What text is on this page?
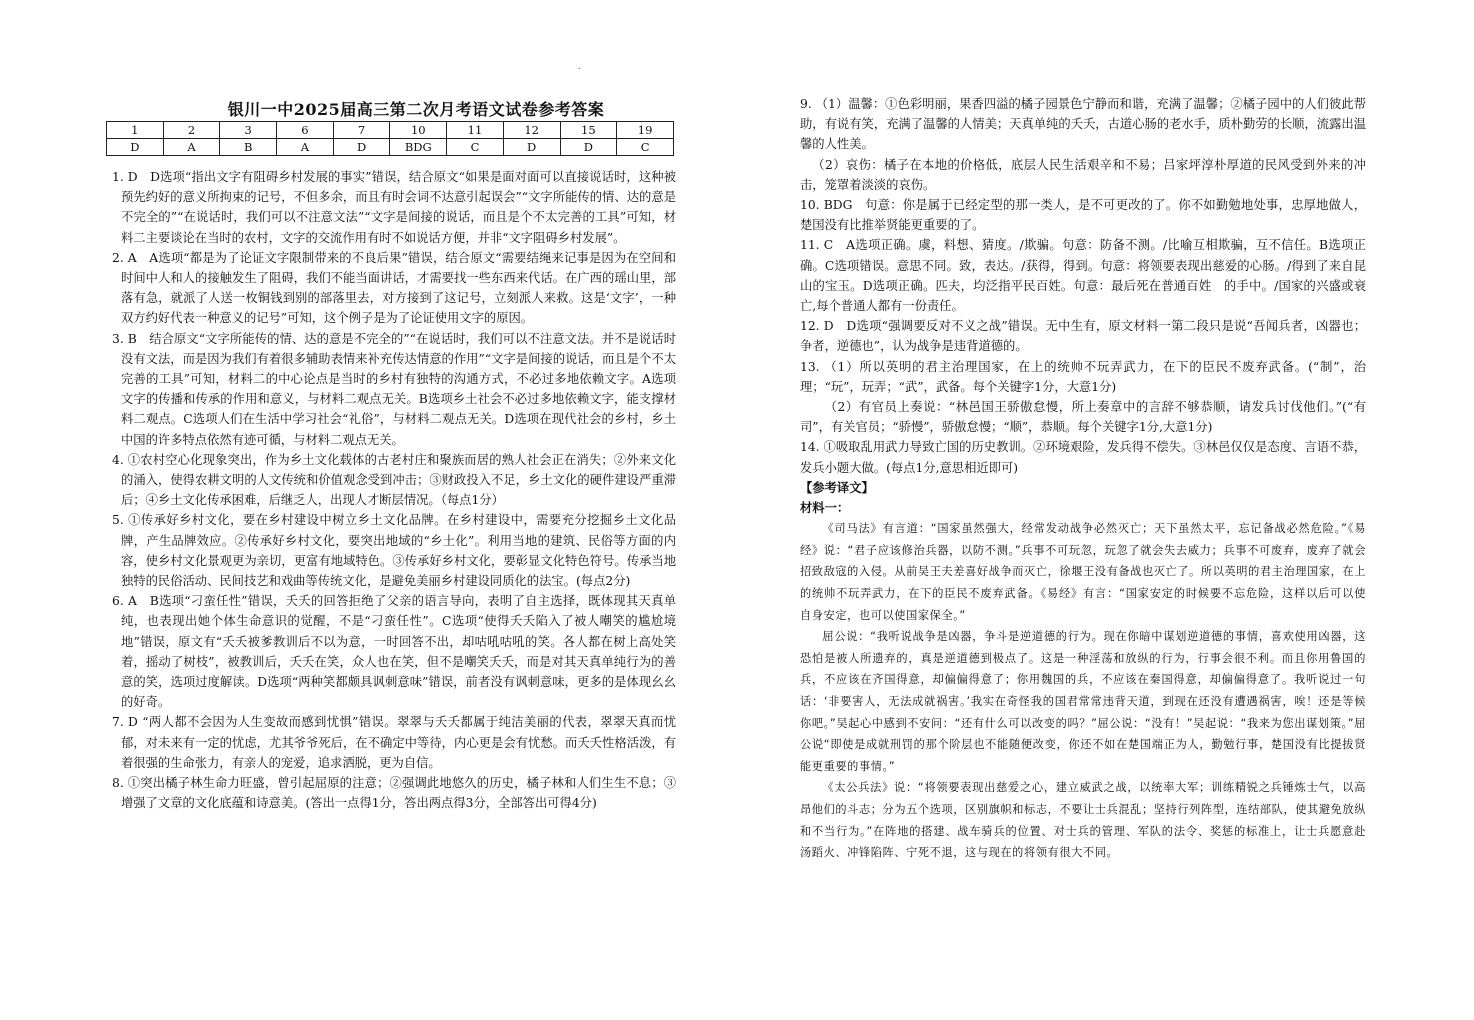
.
银川一中2025届高三第二次月考语文试卷参考答案
1	2	3	6	7	10	11	12	15	19
D	A	B	A	D	BDG	C	D	D	C

1. D　D选项“指出文字有阻碍乡村发展的事实”错误，结合原文“如果是面对面可以直接说话时，这种被预先约好的意义所拘束的记号，不但多余，而且有时会词不达意引起误会”“文字所能传的情、达的意是不完全的”“在说话时，我们可以不注意文法”“文字是间接的说话，而且是个不太完善的工具”可知，材料二主要谈论在当时的农村，文字的交流作用有时不如说话方便，并非“文字阻碍乡村发展”。

2. A　A选项“都是为了论证文字限制带来的不良后果”错误，结合原文“需要结绳来记事是因为在空间和时间中人和人的接触发生了阻碍，我们不能当面讲话，才需要找一些东西来代话。在广西的瑶山里，部落有急，就派了人送一枚铜钱到别的部落里去，对方接到了这记号，立刻派人来救。这是‘文字’，一种双方约好代表一种意义的记号”可知，这个例子是为了论证使用文字的原因。

3. B　结合原文“文字所能传的情、达的意是不完全的”“在说话时，我们可以不注意文法。并不是说话时没有文法，而是因为我们有着很多辅助表情来补充传达情意的作用”“文字是间接的说话，而且是个不太完善的工具”可知，材料二的中心论点是当时的乡村有独特的沟通方式，不必过多地依赖文字。A选项文字的传播和传承的作用和意义，与材料二观点无关。B选项乡土社会不必过多地依赖文字，能支撑材料二观点。C选项人们在生活中学习社会“礼俗”，与材料二观点无关。D选项在现代社会的乡村，乡土中国的许多特点依然有迹可循，与材料二观点无关。

4. ①农村空心化现象突出，作为乡土文化载体的古老村庄和聚族而居的熟人社会正在消失；②外来文化的涌入，使得农耕文明的人文传统和价值观念受到冲击；③财政投入不足，乡土文化的硬件建设严重滞后；④乡土文化传承困难，后继乏人，出现人才断层情况。（每点1分）

5. ①传承好乡村文化，要在乡村建设中树立乡土文化品牌。在乡村建设中，需要充分挖掘乡土文化品牌，产生品牌效应。②传承好乡村文化，要突出地域的“乡土化”。利用当地的建筑、民俗等方面的内容，使乡村文化景观更为亲切，更富有地域特色。③传承好乡村文化，要彰显文化特色符号。传承当地独特的民俗活动、民间技艺和戏曲等传统文化，是避免美丽乡村建设同质化的法宝。(每点2分)

6. A　B选项“刁蛮任性”错误，夭夭的回答拒绝了父亲的语言导向，表明了自主选择，既体现其天真单纯，也表现出她个体生命意识的觉醒，不是“刁蛮任性”。C选项“使得夭夭陷入了被人嘲笑的尴尬境地”错误，原文有“夭夭被爹教训后不以为意，一时回答不出，却咕吼咕吼的笑。各人都在树上高处笑着，摇动了树枝”，被教训后，夭夭在笑，众人也在笑，但不是嘲笑夭夭，而是对其天真单纯行为的善意的笑，选项过度解读。D选项“两种笑都颇具讽刺意味”错误，前者没有讽刺意味，更多的是体现幺幺的好奇。

7. D “两人都不会因为人生变故而感到忧惧”错误。翠翠与夭夭都属于纯洁美丽的代表，翠翠天真而忧郁，对未来有一定的忧虑，尤其爷爷死后，在不确定中等待，内心更是会有忧愁。而夭夭性格活泼，有着很强的生命张力，有亲人的宠爱，追求洒脱，更为自信。

8. ①突出橘子林生命力旺盛，曾引起屈原的注意；②强调此地悠久的历史，橘子林和人们生生不息；③增强了文章的文化底蕴和诗意美。(答出一点得1分，答出两点得3分，全部答出可得4分)

9. （1）温馨：①色彩明丽，果香四溢的橘子园景色宁静而和谐，充满了温馨；②橘子园中的人们彼此帮助，有说有笑，充满了温馨的人情美；天真单纯的夭夭，古道心肠的老水手，质朴勤劳的长顺，流露出温馨的人性美。

（2）哀伤：橘子在本地的价格低，底层人民生活艰辛和不易；吕家坪淳朴厚道的民风受到外来的冲击，笼罩着淡淡的哀伤。

10. BDG　句意：你是属于已经定型的那一类人，是不可更改的了。你不如勤勉地处事，忠厚地做人，楚国没有比推举贤能更重要的了。

11. C　A选项正确。虞，料想、猜度。/欺骗。句意：防备不测。/比喻互相欺骗，互不信任。B选项正确。C选项错误。意思不同。致，表达。/获得，得到。句意：将领要表现出慈爱的心肠。/得到了来自昆山的宝玉。D选项正确。匹夫，均泛指平民百姓。句意：最后死在普通百姓　的手中。/国家的兴盛或衰亡,每个普通人都有一份责任。

12. D　D选项“强调要反对不义之战”错误。无中生有，原文材料一第二段只是说“吾闻兵者，凶器也；争者，逆德也”，认为战争是违背道德的。

13. （1）所以英明的君主治理国家，在上的统帅不玩弄武力，在下的臣民不废弃武备。(“制”，治理；“玩”，玩弄；“武”，武备。每个关键字1分，大意1分)

（2）有官员上奏说：“林邑国王骄傲怠慢，所上奏章中的言辞不够恭顺，请发兵讨伐他们。”(“有司”，有关官员；“骄慢”，骄傲怠慢；“顺”，恭顺。每个关键字1分,大意1分)

14. ①吸取乱用武力导致亡国的历史教训。②环境艰险，发兵得不偿失。③林邑仅仅是态度、言语不恭，发兵小题大做。(每点1分,意思相近即可)

【参考译文】

材料一：

《司马法》有言道：“国家虽然强大，经常发动战争必然灭亡；天下虽然太平，忘记备战必然危险。”《易经》说：“君子应该修治兵器，以防不测。”兵事不可玩忽，玩忽了就会失去威力；兵事不可废弃，废弃了就会招致敌寇的入侵。从前吴王夫差喜好战争而灭亡，徐堰王没有备战也灭亡了。所以英明的君主治理国家，在上的统帅不玩弄武力，在下的臣民不废弃武备。《易经》有言：“国家安定的时候要不忘危险，这样以后可以使自身安定，也可以使国家保全。”

屈公说：“我听说战争是凶器，争斗是逆道德的行为。现在你暗中谋划逆道德的事情，喜欢使用凶器，这恐怕是被人所遗弃的，真是逆道德到极点了。这是一种淫荡和放纵的行为，行事会很不利。而且你用鲁国的兵，不应该在齐国得意，却偏偏得意了；你用魏国的兵，不应该在秦国得意，却偏偏得意了。我听说过一句话：‘非要害人，无法成就祸害。’我实在奇怪我的国君常常违背天道，到现在还没有遭遇祸害，唉！还是等候你吧。”吴起心中感到不安问：“还有什么可以改变的吗？”屈公说：“没有！”吴起说：“我来为您出谋划策。”屈公说“即使是成就刑罚的那个阶层也不能随便改变，你还不如在楚国端正为人，勤勉行事，楚国没有比提拔贤能更重要的事情。”

《太公兵法》说：“将领要表现出慈爱之心，建立威武之战，以统率大军；训练精锐之兵锤炼士气，以高昂他们的斗志；分为五个选项，区别旗帜和标志，不要让士兵混乱；坚持行列阵型，连结部队，使其避免放纵和不当行为。”在阵地的搭建、战车骑兵的位置、对士兵的管理、军队的法令、奖惩的标准上，让士兵愿意赴汤蹈火、冲锋陷阵、宁死不退，这与现在的将领有很大不同。
